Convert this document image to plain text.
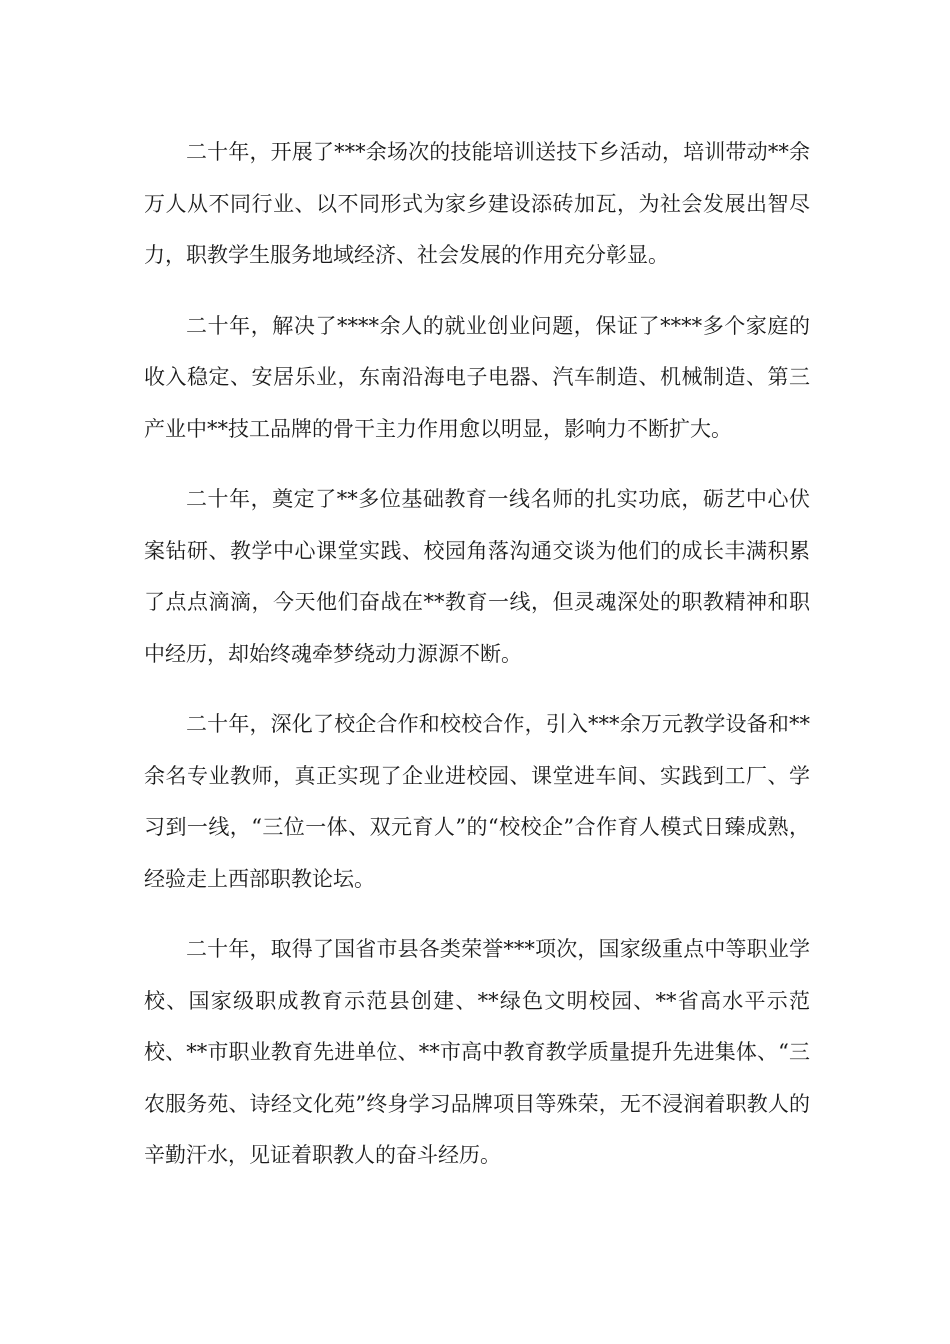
二十年，开展了***余场次的技能培训送技下乡活动，培训带动**余万人从不同行业、以不同形式为家乡建设添砖加瓦，为社会发展出智尽力，职教学生服务地域经济、社会发展的作用充分彰显。

二十年，解决了****余人的就业创业问题，保证了****多个家庭的收入稳定、安居乐业，东南沿海电子电器、汽车制造、机械制造、第三产业中**技工品牌的骨干主力作用愈以明显，影响力不断扩大。

二十年，奠定了**多位基础教育一线名师的扎实功底，砺艺中心伏案钻研、教学中心课堂实践、校园角落沟通交谈为他们的成长丰满积累了点点滴滴，今天他们奋战在**教育一线，但灵魂深处的职教精神和职中经历，却始终魂牵梦绕动力源源不断。

二十年，深化了校企合作和校校合作，引入***余万元教学设备和**余名专业教师，真正实现了企业进校园、课堂进车间、实践到工厂、学习到一线，“三位一体、双元育人”的“校校企”合作育人模式日臻成熟，经验走上西部职教论坛。

二十年，取得了国省市县各类荣誉***项次，国家级重点中等职业学校、国家级职成教育示范县创建、**绿色文明校园、**省高水平示范校、**市职业教育先进单位、**市高中教育教学质量提升先进集体、“三农服务苑、诗经文化苑”终身学习品牌项目等殊荣，无不浸润着职教人的辛勤汗水，见证着职教人的奋斗经历。
